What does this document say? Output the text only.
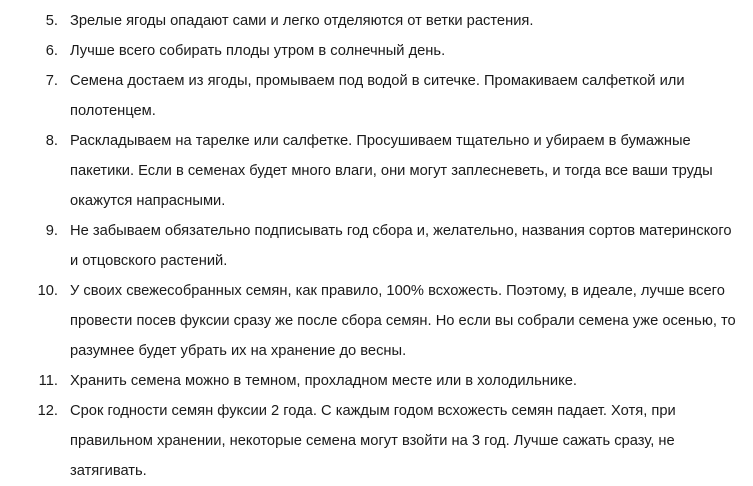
5. Зрелые ягоды опадают сами и легко отделяются от ветки растения.
6. Лучше всего собирать плоды утром в солнечный день.
7. Семена достаем из ягоды, промываем под водой в ситечке. Промакиваем салфеткой или полотенцем.
8. Раскладываем на тарелке или салфетке. Просушиваем тщательно и убираем в бумажные пакетики. Если в семенах будет много влаги, они могут заплесневеть, и тогда все ваши труды окажутся напрасными.
9. Не забываем обязательно подписывать год сбора и, желательно, названия сортов материнского и отцовского растений.
10. У своих свежесобранных семян, как правило, 100% всхожесть. Поэтому, в идеале, лучше всего провести посев фуксии сразу же после сбора семян. Но если вы собрали семена уже осенью, то разумнее будет убрать их на хранение до весны.
11. Хранить семена можно в темном, прохладном месте или в холодильнике.
12. Срок годности семян фуксии 2 года. С каждым годом всхожесть семян падает. Хотя, при правильном хранении, некоторые семена могут взойти на 3 год. Лучше сажать сразу, не затягивать.
